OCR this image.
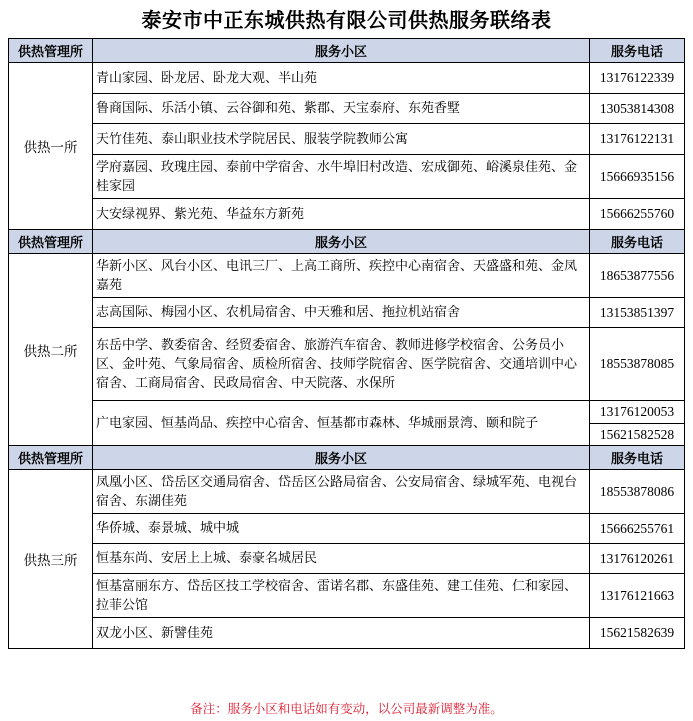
泰安市中正东城供热有限公司供热服务联络表
供热管理所	服务小区	服务电话
供热一所	青山家园、卧龙居、卧龙大观、半山苑	13176122339
	鲁商国际、乐活小镇、云谷御和苑、紫郡、天宝泰府、东苑香墅	13053814308
	天竹佳苑、泰山职业技术学院居民、服装学院教师公寓	13176122131
	学府嘉园、玫瑰庄园、泰前中学宿舍、水牛埠旧村改造、宏成御苑、峪溪泉佳苑、金桂家园	15666935156
	大安绿视界、紫光苑、华益东方新苑	15666255760
供热管理所	服务小区	服务电话
供热二所	华新小区、风台小区、电讯三厂、上高工商所、疾控中心南宿舍、天盛盛和苑、金凤嘉苑	18653877556
	志高国际、梅园小区、农机局宿舍、中天雅和居、拖拉机站宿舍	13153851397
	东岳中学、教委宿舍、经贸委宿舍、旅游汽车宿舍、教师进修学校宿舍、公务员小区、金叶苑、气象局宿舍、质检所宿舍、技师学院宿舍、医学院宿舍、交通培训中心宿舍、工商局宿舍、民政局宿舍、中天院落、水保所	18553878085
	广电家园、恒基尚品、疾控中心宿舍、恒基都市森林、华城丽景湾、颐和院子	13176120053
		15621582528
供热管理所	服务小区	服务电话
供热三所	凤凰小区、岱岳区交通局宿舍、岱岳区公路局宿舍、公安局宿舍、绿城军苑、电视台宿舍、东湖佳苑	18553878086
	华侨城、泰景城、城中城	15666255761
	恒基东尚、安居上上城、泰豪名城居民	13176120261
	恒基富丽东方、岱岳区技工学校宿舍、雷诺名郡、东盛佳苑、建工佳苑、仁和家园、拉菲公馆	13176121663
	双龙小区、新譬佳苑	15621582639
备注：服务小区和电话如有变动，以公司最新调整为准。
